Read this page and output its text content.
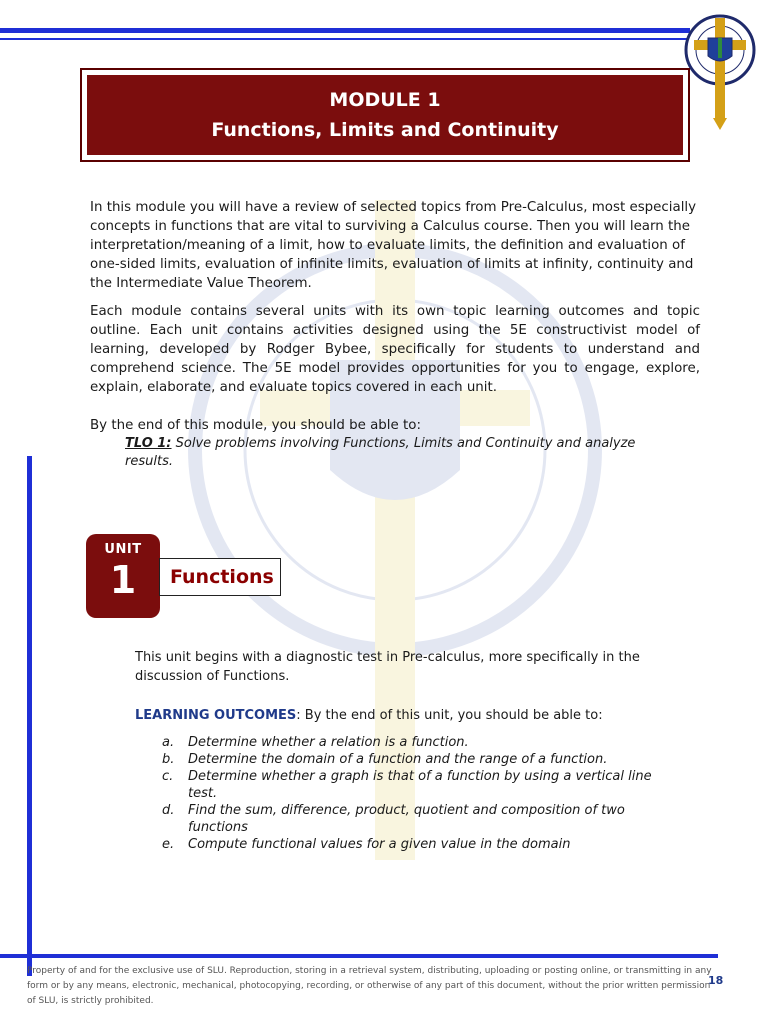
MODULE 1
Functions, Limits and Continuity
In this module you will have a review of selected topics from Pre-Calculus, most especially concepts in functions that are vital to surviving a Calculus course. Then you will learn the interpretation/meaning of a limit, how to evaluate limits, the definition and evaluation of one-sided limits, evaluation of infinite limits, evaluation of limits at infinity, continuity and the Intermediate Value Theorem.
Each module contains several units with its own topic learning outcomes and topic outline. Each unit contains activities designed using the 5E constructivist model of learning, developed by Rodger Bybee, specifically for students to understand and comprehend science. The 5E model provides opportunities for you to engage, explore, explain, elaborate, and evaluate topics covered in each unit.
By the end of this module, you should be able to:
TLO 1: Solve problems involving Functions, Limits and Continuity and analyze results.
UNIT
1	Functions
This unit begins with a diagnostic test in Pre-calculus, more specifically in the discussion of Functions.
LEARNING OUTCOMES: By the end of this unit, you should be able to:
a.	Determine whether a relation is a function.
b.	Determine the domain of a function and the range of a function.
c.	Determine whether a graph is that of a function by using a vertical line test.
d.	Find the sum, difference, product, quotient and composition of two functions
e.	Compute functional values for a given value in the domain
Property of and for the exclusive use of SLU. Reproduction, storing in a retrieval system, distributing, uploading or posting online, or transmitting in any form or by any means, electronic, mechanical, photocopying, recording, or otherwise of any part of this document, without the prior written permission of SLU, is strictly prohibited.
18
